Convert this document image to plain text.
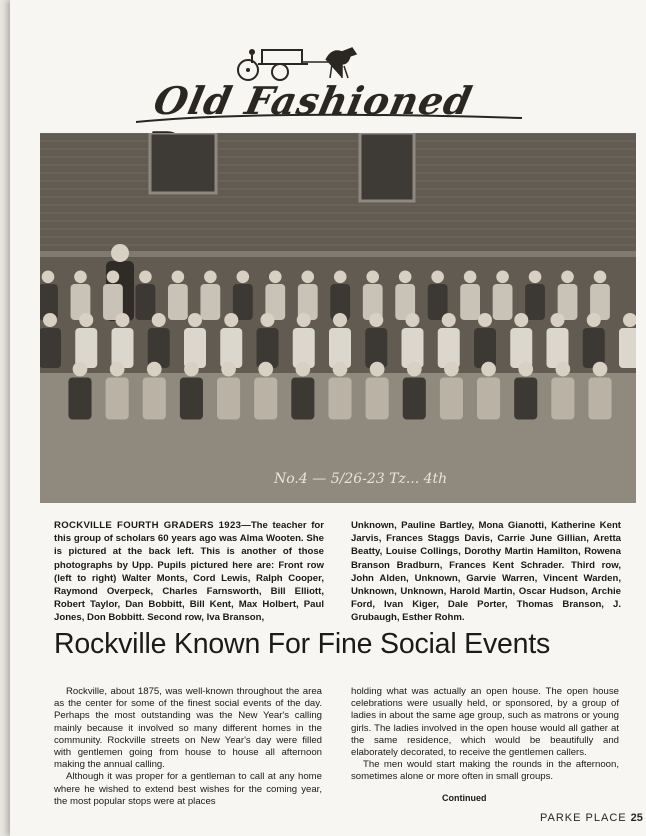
Old Fashioned
No.4 — 5/26-23 Tz... 4th
ROCKVILLE FOURTH GRADERS 1923—The teacher for this group of scholars 60 years ago was Alma Wooten. She is pictured at the back left. This is another of those photographs by Upp. Pupils pictured here are: Front row (left to right) Walter Monts, Cord Lewis, Ralph Cooper, Raymond Overpeck, Charles Farnsworth, Bill Elliott, Robert Taylor, Dan Bobbitt, Bill Kent, Max Holbert, Paul Jones, Don Bobbitt. Second row, Iva Branson,
Unknown, Pauline Bartley, Mona Gianotti, Katherine Kent Jarvis, Frances Staggs Davis, Carrie June Gillian, Aretta Beatty, Louise Collings, Dorothy Martin Hamilton, Rowena Branson Bradburn, Frances Kent Schrader. Third row, John Alden, Unknown, Garvie Warren, Vincent Warden, Unknown, Unknown, Harold Martin, Oscar Hudson, Archie Ford, Ivan Kiger, Dale Porter, Thomas Branson, J. Grubaugh, Esther Rohm.
Rockville Known For Fine Social Events

Rockville, about 1875, was well-known throughout the area as the center for some of the finest social events of the day. Perhaps the most outstanding was the New Year's calling mainly because it involved so many different homes in the community. Rockville streets on New Year's day were filled with gentlemen going from house to house all afternoon making the annual calling.

Although it was proper for a gentleman to call at any home where he wished to extend best wishes for the coming year, the most popular stops were at places

holding what was actually an open house. The open house celebrations were usually held, or sponsored, by a group of ladies in about the same age group, such as matrons or young girls. The ladies involved in the open house would all gather at the same residence, which would be beautifully and elaborately decorated, to receive the gentlemen callers.

The men would start making the rounds in the afternoon, sometimes alone or more often in small groups.

Continued
PARKE PLACE 25
